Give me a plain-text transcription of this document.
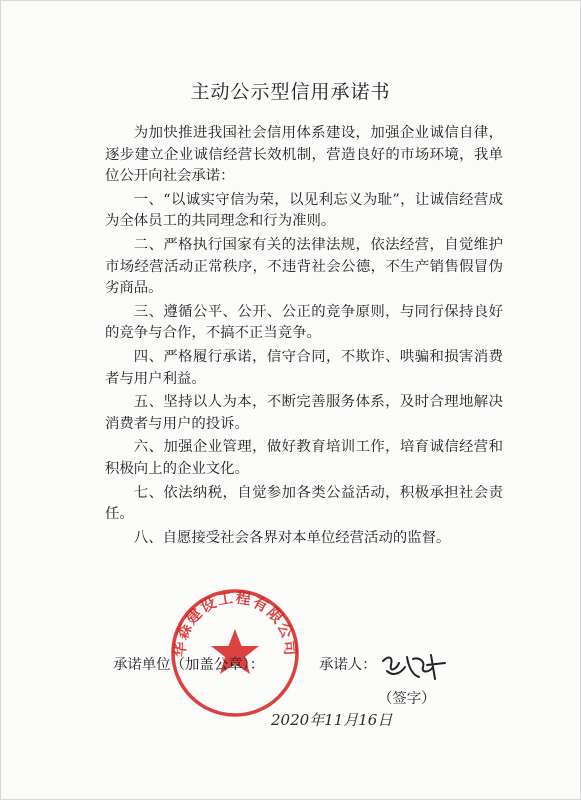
主动公示型信用承诺书

为加快推进我国社会信用体系建设，加强企业诚信自律，逐步建立企业诚信经营长效机制，营造良好的市场环境，我单位公开向社会承诺：

一、“以诚实守信为荣，以见利忘义为耻”，让诚信经营成为全体员工的共同理念和行为准则。

二、严格执行国家有关的法律法规，依法经营，自觉维护市场经营活动正常秩序，不违背社会公德，不生产销售假冒伪劣商品。

三、遵循公平、公开、公正的竞争原则，与同行保持良好的竞争与合作，不搞不正当竞争。

四、严格履行承诺，信守合同，不欺诈、哄骗和损害消费者与用户利益。

五、坚持以人为本，不断完善服务体系，及时合理地解决消费者与用户的投诉。

六、加强企业管理，做好教育培训工作，培育诚信经营和积极向上的企业文化。

七、依法纳税，自觉参加各类公益活动，积极承担社会责任。

八、自愿接受社会各界对本单位经营活动的监督。

华森建设工程有限公司
承诺单位（加盖公章）：	承诺人：
（签字）
2020年11月16日
